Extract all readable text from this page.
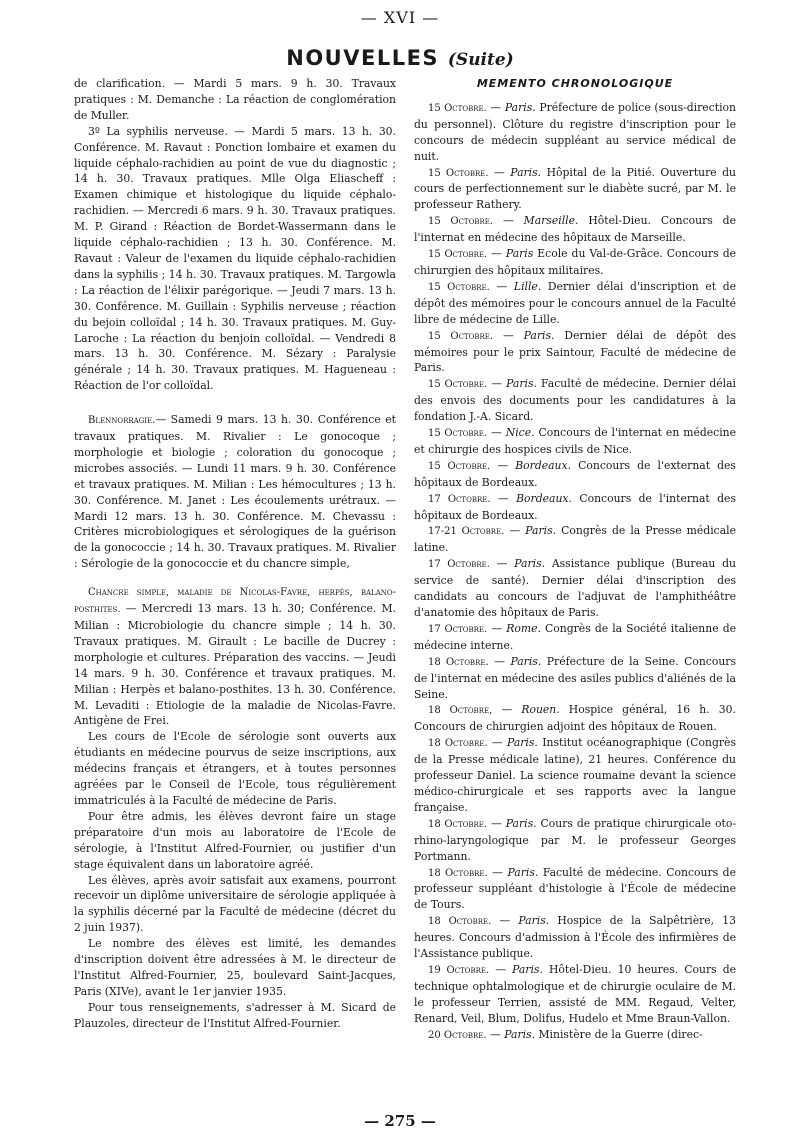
— XVI —
NOUVELLES (Suite)

de clarification. — Mardi 5 mars. 9 h. 30. Travaux pratiques : M. Demanche : La réaction de conglomération de Muller.

3º La syphilis nerveuse. — Mardi 5 mars. 13 h. 30. Conférence. M. Ravaut : Ponction lombaire et examen du liquide céphalo-rachidien au point de vue du diagnostic ; 14 h. 30. Travaux pratiques. Mlle Olga Eliascheff : Examen chimique et histologique du liquide céphalo-rachidien. — Mercredi 6 mars. 9 h. 30. Travaux pratiques. M. P. Girand : Réaction de Bordet-Wassermann dans le liquide céphalo-rachidien ; 13 h. 30. Conférence. M. Ravaut : Valeur de l'examen du liquide céphalo-rachidien dans la syphilis ; 14 h. 30. Travaux pratiques. M. Targowla : La réaction de l'élixir parégorique. — Jeudi 7 mars. 13 h. 30. Conférence. M. Guillain : Syphilis nerveuse ; réaction du bejoin colloïdal ; 14 h. 30. Travaux pratiques. M. Guy-Laroche : La réaction du benjoin colloïdal. — Vendredi 8 mars. 13 h. 30. Conférence. M. Sézary : Paralysie générale ; 14 h. 30. Travaux pratiques. M. Hagueneau : Réaction de l'or colloïdal.

Blennorragie.— Samedi 9 mars. 13 h. 30. Conférence et travaux pratiques. M. Rivalier : Le gonocoque ; morphologie et biologie ; coloration du gonocoque ; microbes associés. — Lundi 11 mars. 9 h. 30. Conférence et travaux pratiques. M. Milian : Les hémocultures ; 13 h. 30. Conférence. M. Janet : Les écoulements urétraux. — Mardi 12 mars. 13 h. 30. Conférence. M. Chevassu : Critères microbiologiques et sérologiques de la guérison de la gonococcie ; 14 h. 30. Travaux pratiques. M. Rivalier : Sérologie de la gonococcie et du chancre simple,

Chancre simple, maladie de Nicolas-Favre, herpès, balano-posthites. — Mercredi 13 mars. 13 h. 30; Conférence. M. Milian : Microbiologie du chancre simple ; 14 h. 30. Travaux pratiques. M. Girault : Le bacille de Ducrey : morphologie et cultures. Préparation des vaccins. — Jeudi 14 mars. 9 h. 30. Conférence et travaux pratiques. M. Milian : Herpès et balano-posthites. 13 h. 30. Conférence. M. Levaditi : Etiologie de la maladie de Nicolas-Favre. Antigène de Frei.

Les cours de l'Ecole de sérologie sont ouverts aux étudiants en médecine pourvus de seize inscriptions, aux médecins français et étrangers, et à toutes personnes agréées par le Conseil de l'Ecole, tous régulièrement immatriculés à la Faculté de médecine de Paris.

Pour être admis, les élèves devront faire un stage préparatoire d'un mois au laboratoire de l'Ecole de sérologie, à l'Institut Alfred-Fournier, ou justifier d'un stage équivalent dans un laboratoire agréé.

Les élèves, après avoir satisfait aux examens, pourront recevoir un diplôme universitaire de sérologie appliquée à la syphilis décerné par la Faculté de médecine (décret du 2 juin 1937).

Le nombre des élèves est limité, les demandes d'inscription doivent être adressées à M. le directeur de l'Institut Alfred-Fournier, 25, boulevard Saint-Jacques, Paris (XIVe), avant le 1er janvier 1935.

Pour tous renseignements, s'adresser à M. Sicard de Plauzoles, directeur de l'Institut Alfred-Fournier.

MEMENTO CHRONOLOGIQUE

15 Octobre. — Paris. Préfecture de police (sous-direction du personnel). Clôture du registre d'inscription pour le concours de médecin suppléant au service médical de nuit.

15 Octobre. — Paris. Hôpital de la Pitié. Ouverture du cours de perfectionnement sur le diabète sucré, par M. le professeur Rathery.

15 Octobre. — Marseille. Hôtel-Dieu. Concours de l'internat en médecine des hôpitaux de Marseille.

15 Octobre. — Paris Ecole du Val-de-Grâce. Concours de chirurgien des hôpitaux militaires.

15 Octobre. — Lille. Dernier délai d'inscription et de dépôt des mémoires pour le concours annuel de la Faculté libre de médecine de Lille.

15 Octobre. — Paris. Dernier délai de dépôt des mémoires pour le prix Saintour, Faculté de médecine de Paris.

15 Octobre. — Paris. Faculté de médecine. Dernier délai des envois des documents pour les candidatures à la fondation J.-A. Sicard.

15 Octobre. — Nice. Concours de l'internat en médecine et chirurgie des hospices civils de Nice.

15 Octobre. — Bordeaux. Concours de l'externat des hôpitaux de Bordeaux.

17 Octobre. — Bordeaux. Concours de l'internat des hôpitaux de Bordeaux.

17-21 Octobre. — Paris. Congrès de la Presse médicale latine.

17 Octobre. — Paris. Assistance publique (Bureau du service de santé). Dernier délai d'inscription des candidats au concours de l'adjuvat de l'amphithéâtre d'anatomie des hôpitaux de Paris.

17 Octobre. — Rome. Congrès de la Société italienne de médecine interne.

18 Octobre. — Paris. Préfecture de la Seine. Concours de l'internat en médecine des asiles publics d'aliénés de la Seine.

18 Octobre, — Rouen. Hospice général, 16 h. 30. Concours de chirurgien adjoint des hôpitaux de Rouen.

18 Octobre. — Paris. Institut océanographique (Congrès de la Presse médicale latine), 21 heures. Conférence du professeur Daniel. La science roumaine devant la science médico-chirurgicale et ses rapports avec la langue française.

18 Octobre. — Paris. Cours de pratique chirurgicale oto-rhino-laryngologique par M. le professeur Georges Portmann.

18 Octobre. — Paris. Faculté de médecine. Concours de professeur suppléant d'histologie à l'École de médecine de Tours.

18 Octobre. — Paris. Hospice de la Salpêtrière, 13 heures. Concours d'admission à l'École des infirmières de l'Assistance publique.

19 Octobre. — Paris. Hôtel-Dieu. 10 heures. Cours de technique ophtalmologique et de chirurgie oculaire de M. le professeur Terrien, assisté de MM. Regaud, Velter, Renard, Veil, Blum, Dolifus, Hudelo et Mme Braun-Vallon.

20 Octobre. — Paris. Ministère de la Guerre (direc-

— 275 —
